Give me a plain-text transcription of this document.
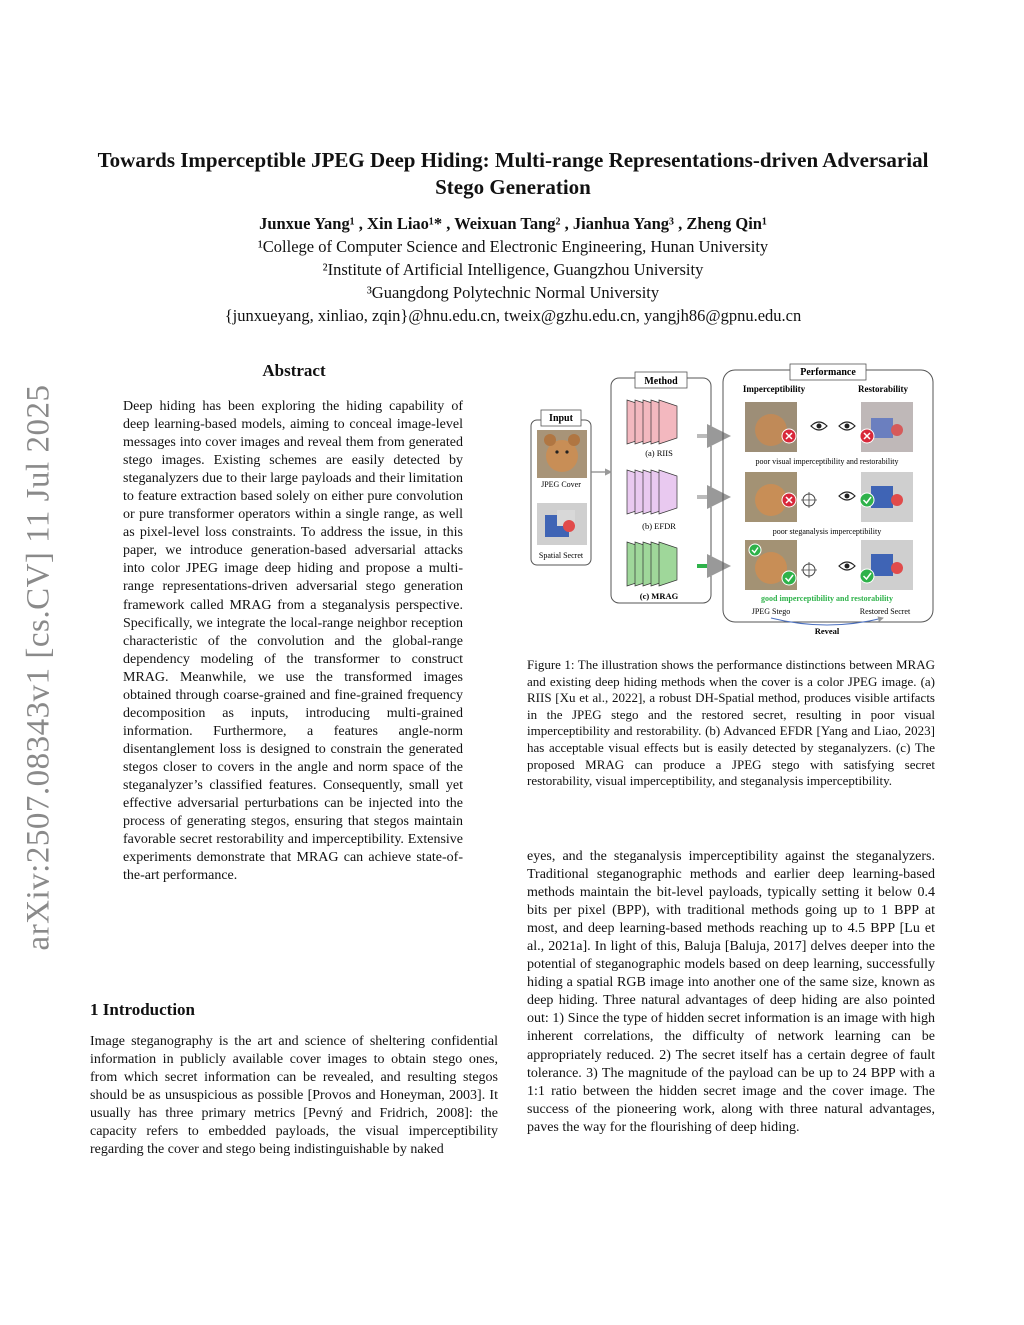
arXiv:2507.08343v1 [cs.CV] 11 Jul 2025
Towards Imperceptible JPEG Deep Hiding: Multi-range Representations-driven Adversarial Stego Generation
Junxue Yang¹ , Xin Liao¹* , Weixuan Tang² , Jianhua Yang³ , Zheng Qin¹
¹College of Computer Science and Electronic Engineering, Hunan University
²Institute of Artificial Intelligence, Guangzhou University
³Guangdong Polytechnic Normal University
{junxueyang, xinliao, zqin}@hnu.edu.cn, tweix@gzhu.edu.cn, yangjh86@gpnu.edu.cn
Abstract
Deep hiding has been exploring the hiding capability of deep learning-based models, aiming to conceal image-level messages into cover images and reveal them from generated stego images. Existing schemes are easily detected by steganalyzers due to their large payloads and their limitation to feature extraction based solely on either pure convolution or pure transformer operators within a single range, as well as pixel-level loss constraints. To address the issue, in this paper, we introduce generation-based adversarial attacks into color JPEG image deep hiding and propose a multi-range representations-driven adversarial stego generation framework called MRAG from a steganalysis perspective. Specifically, we integrate the local-range neighbor reception characteristic of the convolution and the global-range dependency modeling of the transformer to construct MRAG. Meanwhile, we use the transformed images obtained through coarse-grained and fine-grained frequency decomposition as inputs, introducing multi-grained information. Furthermore, a features angle-norm disentanglement loss is designed to constrain the generated stegos closer to covers in the angle and norm space of the steganalyzer’s classified features. Consequently, small yet effective adversarial perturbations can be injected into the process of generating stegos, ensuring that stegos maintain favorable secret restorability and imperceptibility. Extensive experiments demonstrate that MRAG can achieve state-of-the-art performance.
1 Introduction
Image steganography is the art and science of sheltering confidential information in publicly available cover images to obtain stego ones, from which secret information can be revealed, and resulting stegos should be as unsuspicious as possible [Provos and Honeyman, 2003]. It usually has three primary metrics [Pevný and Fridrich, 2008]: the capacity refers to embedded payloads, the visual imperceptibility regarding the cover and stego being indistinguishable by naked
Input
JPEG Cover
Spatial Secret
Method
(a) RIIS
(b) EFDR
(c) MRAG
Performance
Imperceptibility	Restorability
poor visual imperceptibility and restorability
poor steganalysis imperceptibility
good imperceptibility and restorability
JPEG Stego	Restored Secret
Reveal
Figure 1: The illustration shows the performance distinctions between MRAG and existing deep hiding methods when the cover is a color JPEG image. (a) RIIS [Xu et al., 2022], a robust DH-Spatial method, produces visible artifacts in the JPEG stego and the restored secret, resulting in poor visual imperceptibility and restorability. (b) Advanced EFDR [Yang and Liao, 2023] has acceptable visual effects but is easily detected by steganalyzers. (c) The proposed MRAG can produce a JPEG stego with satisfying secret restorability, visual imperceptibility, and steganalysis imperceptibility.
eyes, and the steganalysis imperceptibility against the steganalyzers. Traditional steganographic methods and earlier deep learning-based methods maintain the bit-level payloads, typically setting it below 0.4 bits per pixel (BPP), with traditional methods going up to 1 BPP at most, and deep learning-based methods reaching up to 4.5 BPP [Lu et al., 2021a]. In light of this, Baluja [Baluja, 2017] delves deeper into the potential of steganographic models based on deep learning, successfully hiding a spatial RGB image into another one of the same size, known as deep hiding. Three natural advantages of deep hiding are also pointed out: 1) Since the type of hidden secret information is an image with high inherent correlations, the difficulty of network learning can be appropriately reduced. 2) The secret itself has a certain degree of fault tolerance. 3) The magnitude of the payload can be up to 24 BPP with a 1:1 ratio between the hidden secret image and the cover image. The success of the pioneering work, along with three natural advantages, paves the way for the flourishing of deep hiding.
